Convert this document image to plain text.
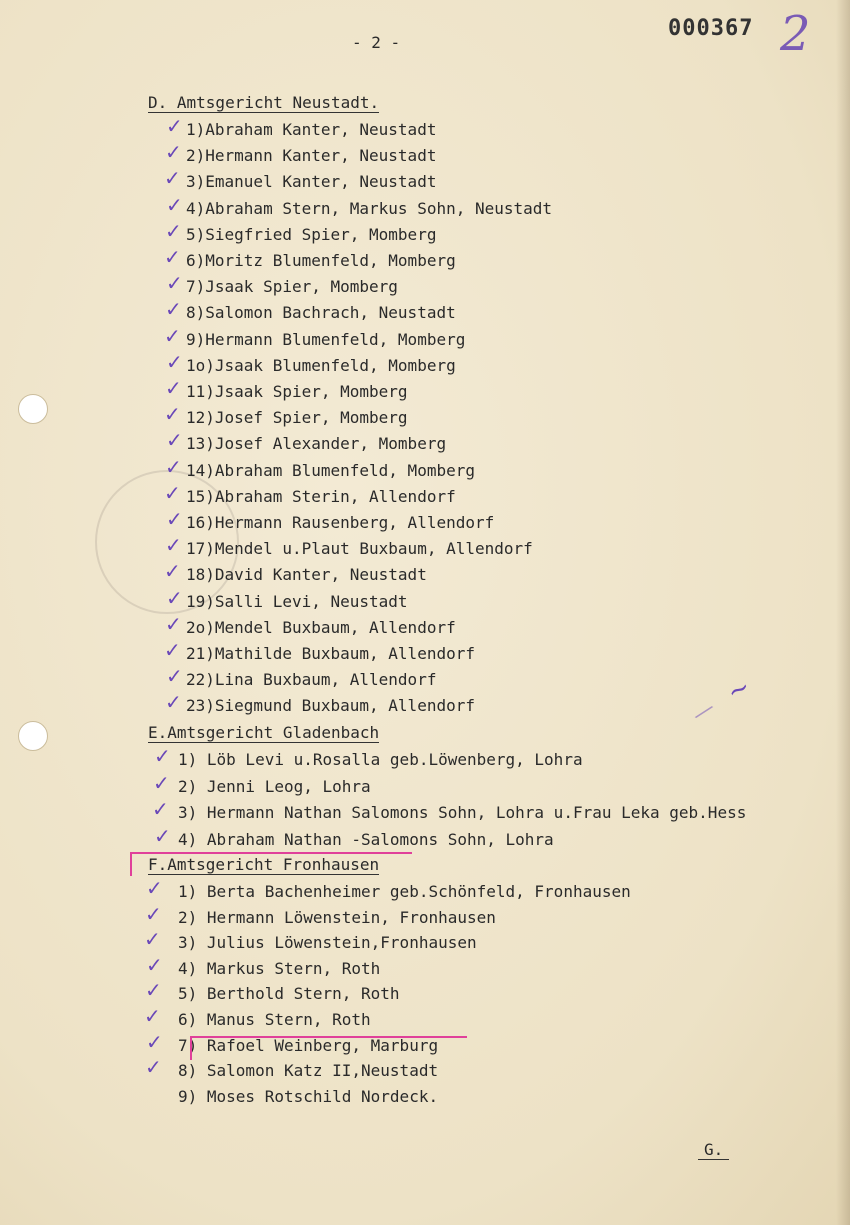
- 2 -
000367 2
D. Amtsgericht Neustadt.
1)Abraham Kanter, Neustadt
✓
2)Hermann Kanter, Neustadt
✓
3)Emanuel Kanter, Neustadt
✓
4)Abraham Stern, Markus Sohn, Neustadt
✓
5)Siegfried Spier, Momberg
✓
6)Moritz Blumenfeld, Momberg
✓
7)Jsaak Spier, Momberg
✓
8)Salomon Bachrach, Neustadt
✓
9)Hermann Blumenfeld, Momberg
✓
1o)Jsaak Blumenfeld, Momberg
✓
11)Jsaak Spier, Momberg
✓
12)Josef Spier, Momberg
✓
13)Josef Alexander, Momberg
✓
14)Abraham Blumenfeld, Momberg
✓
15)Abraham Sterin, Allendorf
✓
16)Hermann Rausenberg, Allendorf
✓
17)Mendel u.Plaut Buxbaum, Allendorf
✓
18)David Kanter, Neustadt
✓
19)Salli Levi, Neustadt
✓
2o)Mendel Buxbaum, Allendorf
✓
21)Mathilde Buxbaum, Allendorf
✓
22)Lina Buxbaum, Allendorf
✓
23)Siegmund Buxbaum, Allendorf
✓
E.Amtsgericht Gladenbach
1) Löb Levi u.Rosalla geb.Löwenberg, Lohra
✓
2) Jenni Leog, Lohra
✓
3) Hermann Nathan Salomons Sohn, Lohra u.Frau Leka geb.Hess
✓
4) Abraham Nathan -Salomons Sohn, Lohra
✓
F.Amtsgericht Fronhausen
1) Berta Bachenheimer geb.Schönfeld, Fronhausen
✓
2) Hermann Löwenstein, Fronhausen
✓
3) Julius Löwenstein,Fronhausen
✓
4) Markus Stern, Roth
✓
5) Berthold Stern, Roth
✓
6) Manus Stern, Roth
✓
7) Rafoel Weinberg, Marburg
✓
8) Salomon Katz II,Neustadt
✓
9) Moses Rotschild Nordeck.
~
/
G.
